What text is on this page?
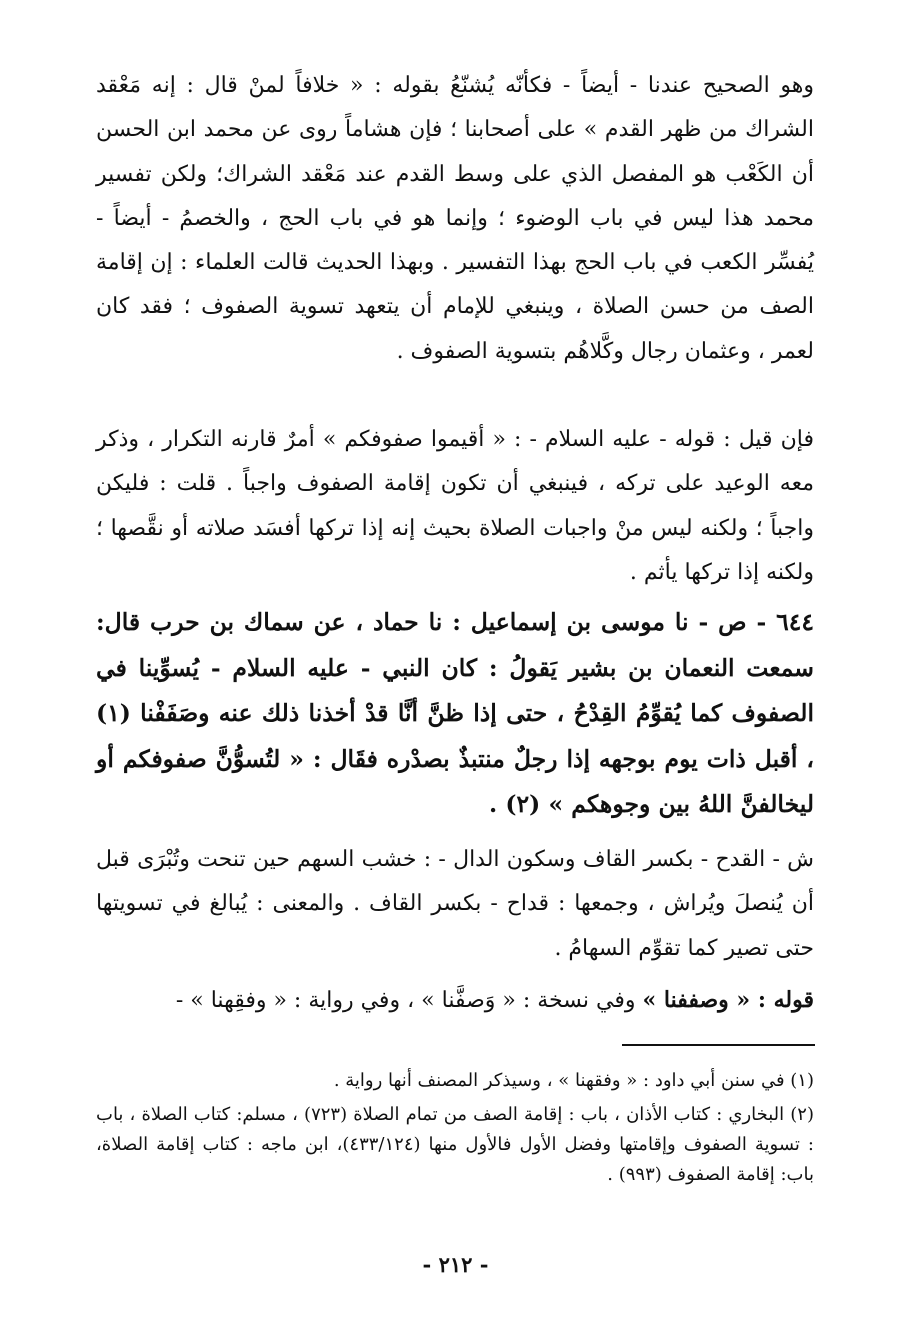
وهو الصحيح عندنا - أيضاً - فكأنّه يُشنّعُ بقوله : « خلافاً لمنْ قال : إنه مَعْقد الشراك من ظهر القدم » على أصحابنا ؛ فإن هشاماً روى عن محمد ابن الحسن أن الكَعْب هو المفصل الذي على وسط القدم عند مَعْقد الشراك؛ ولكن تفسير محمد هذا ليس في باب الوضوء ؛ وإنما هو في باب الحج ، والخصمُ - أيضاً - يُفسِّر الكعب في باب الحج بهذا التفسير . وبهذا الحديث قالت العلماء : إن إقامة الصف من حسن الصلاة ، وينبغي للإمام أن يتعهد تسوية الصفوف ؛ فقد كان لعمر ، وعثمان رجال وكَّلاهُم بتسوية الصفوف .

فإن قيل : قوله - عليه السلام - : « أقيموا صفوفكم » أمرٌ قارنه التكرار ، وذكر معه الوعيد على تركه ، فينبغي أن تكون إقامة الصفوف واجباً . قلت : فليكن واجباً ؛ ولكنه ليس منْ واجبات الصلاة بحيث إنه إذا تركها أفسَد صلاته أو نقَّصها ؛ ولكنه إذا تركها يأثم .

٦٤٤ - ص - نا موسى بن إسماعيل : نا حماد ، عن سماك بن حرب قال: سمعت النعمان بن بشير يَقولُ : كان النبي - عليه السلام - يُسوِّينا في الصفوف كما يُقوِّمُ القِدْحُ ، حتى إذا ظنَّ أنَّا قدْ أخذنا ذلك عنه وصَفَفْنا (١) ، أقبل ذات يوم بوجهه إذا رجلٌ منتبذٌ بصدْره فقَال : « لتُسوُّنَّ صفوفكم أو ليخالفنَّ اللهُ بين وجوهكم » (٢) .

ش - القدح - بكسر القاف وسكون الدال - : خشب السهم حين تنحت وتُبْرَى قبل أن يُنصلَ ويُراش ، وجمعها : قداح - بكسر القاف . والمعنى : يُبالغ في تسويتها حتى تصير كما تقوِّم السهامُ .

قوله : « وصففنا » وفي نسخة : « وَصفَّنا » ، وفي رواية : « وفقِهنا » -

(١) في سنن أبي داود : « وفقهنا » ، وسيذكر المصنف أنها رواية .

(٢) البخاري : كتاب الأذان ، باب : إقامة الصف من تمام الصلاة (٧٢٣) ، مسلم: كتاب الصلاة ، باب : تسوية الصفوف وإقامتها وفضل الأول فالأول منها (٤٣٣/١٢٤)، ابن ماجه : كتاب إقامة الصلاة، باب: إقامة الصفوف (٩٩٣) .

- ٢١٢ -
